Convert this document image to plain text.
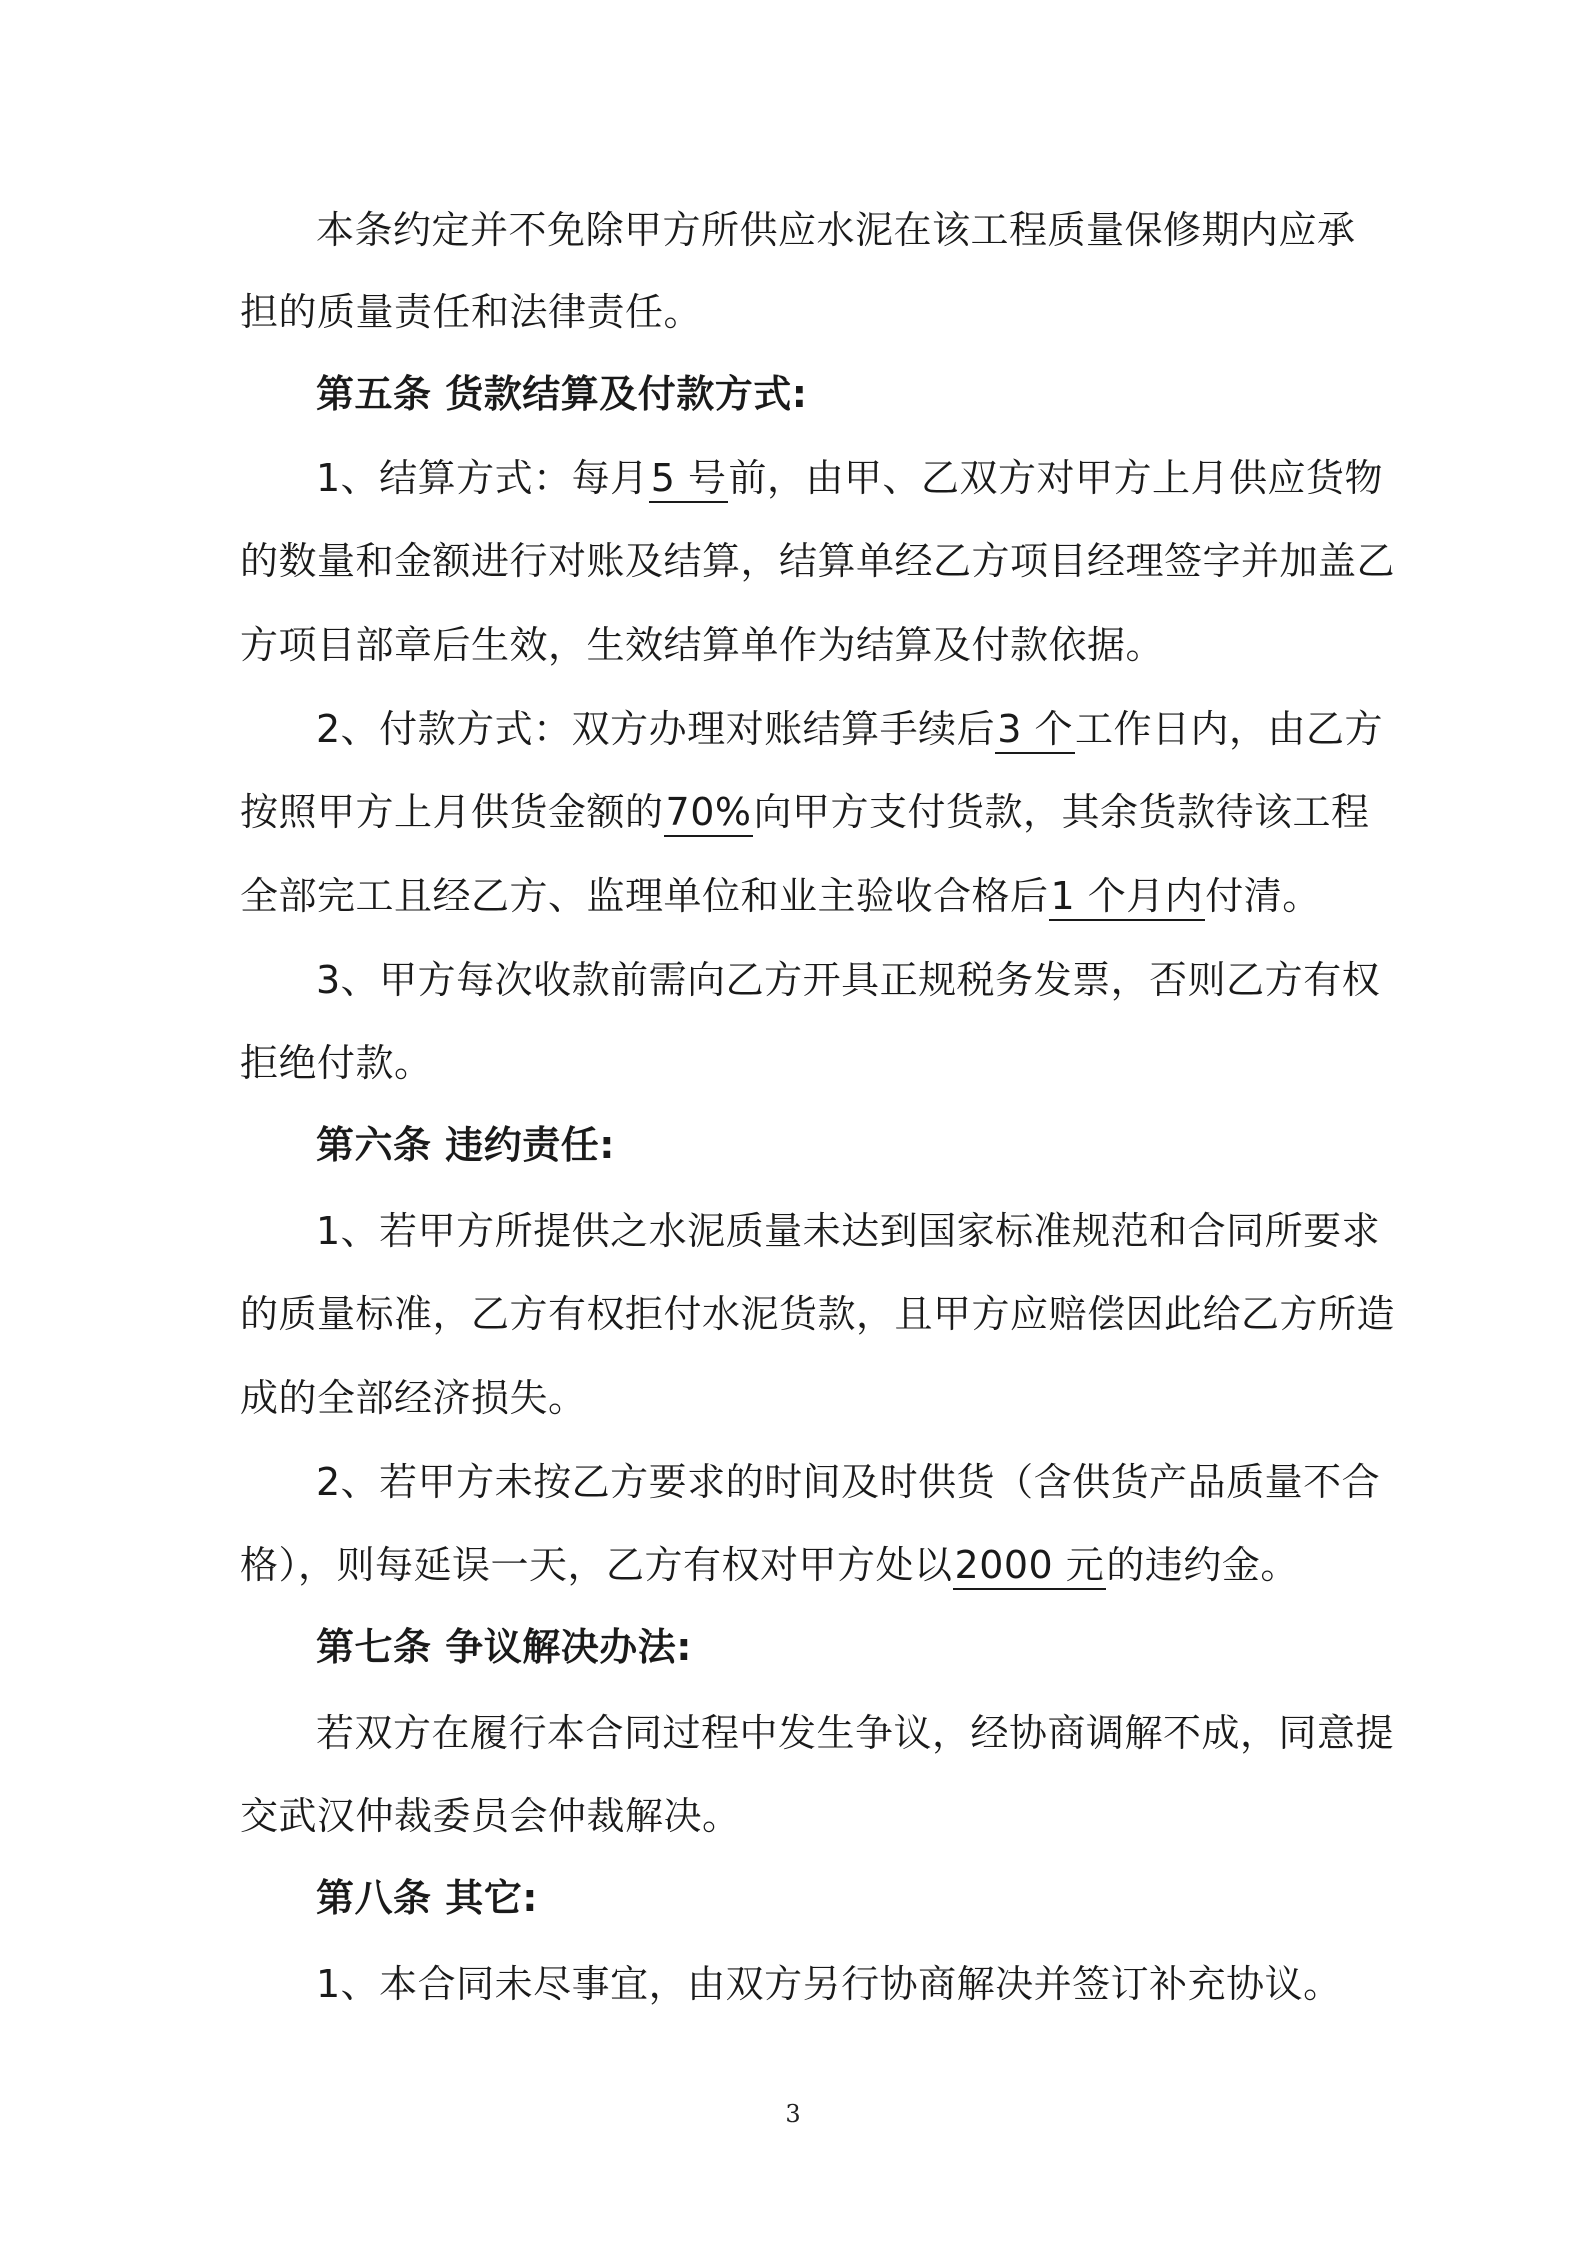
本条约定并不免除甲方所供应水泥在该工程质量保修期内应承
担的质量责任和法律责任。
第五条 货款结算及付款方式:
1、结算方式：每月5 号前，由甲、乙双方对甲方上月供应货物
的数量和金额进行对账及结算，结算单经乙方项目经理签字并加盖乙
方项目部章后生效，生效结算单作为结算及付款依据。
2、付款方式：双方办理对账结算手续后3 个工作日内，由乙方
按照甲方上月供货金额的70%向甲方支付货款，其余货款待该工程
全部完工且经乙方、监理单位和业主验收合格后1 个月内付清。
3、甲方每次收款前需向乙方开具正规税务发票，否则乙方有权
拒绝付款。
第六条 违约责任:
1、若甲方所提供之水泥质量未达到国家标准规范和合同所要求
的质量标准，乙方有权拒付水泥货款，且甲方应赔偿因此给乙方所造
成的全部经济损失。
2、若甲方未按乙方要求的时间及时供货（含供货产品质量不合
格），则每延误一天，乙方有权对甲方处以2000 元的违约金。
第七条 争议解决办法:
若双方在履行本合同过程中发生争议，经协商调解不成，同意提
交武汉仲裁委员会仲裁解决。
第八条 其它:
1、本合同未尽事宜，由双方另行协商解决并签订补充协议。
3
